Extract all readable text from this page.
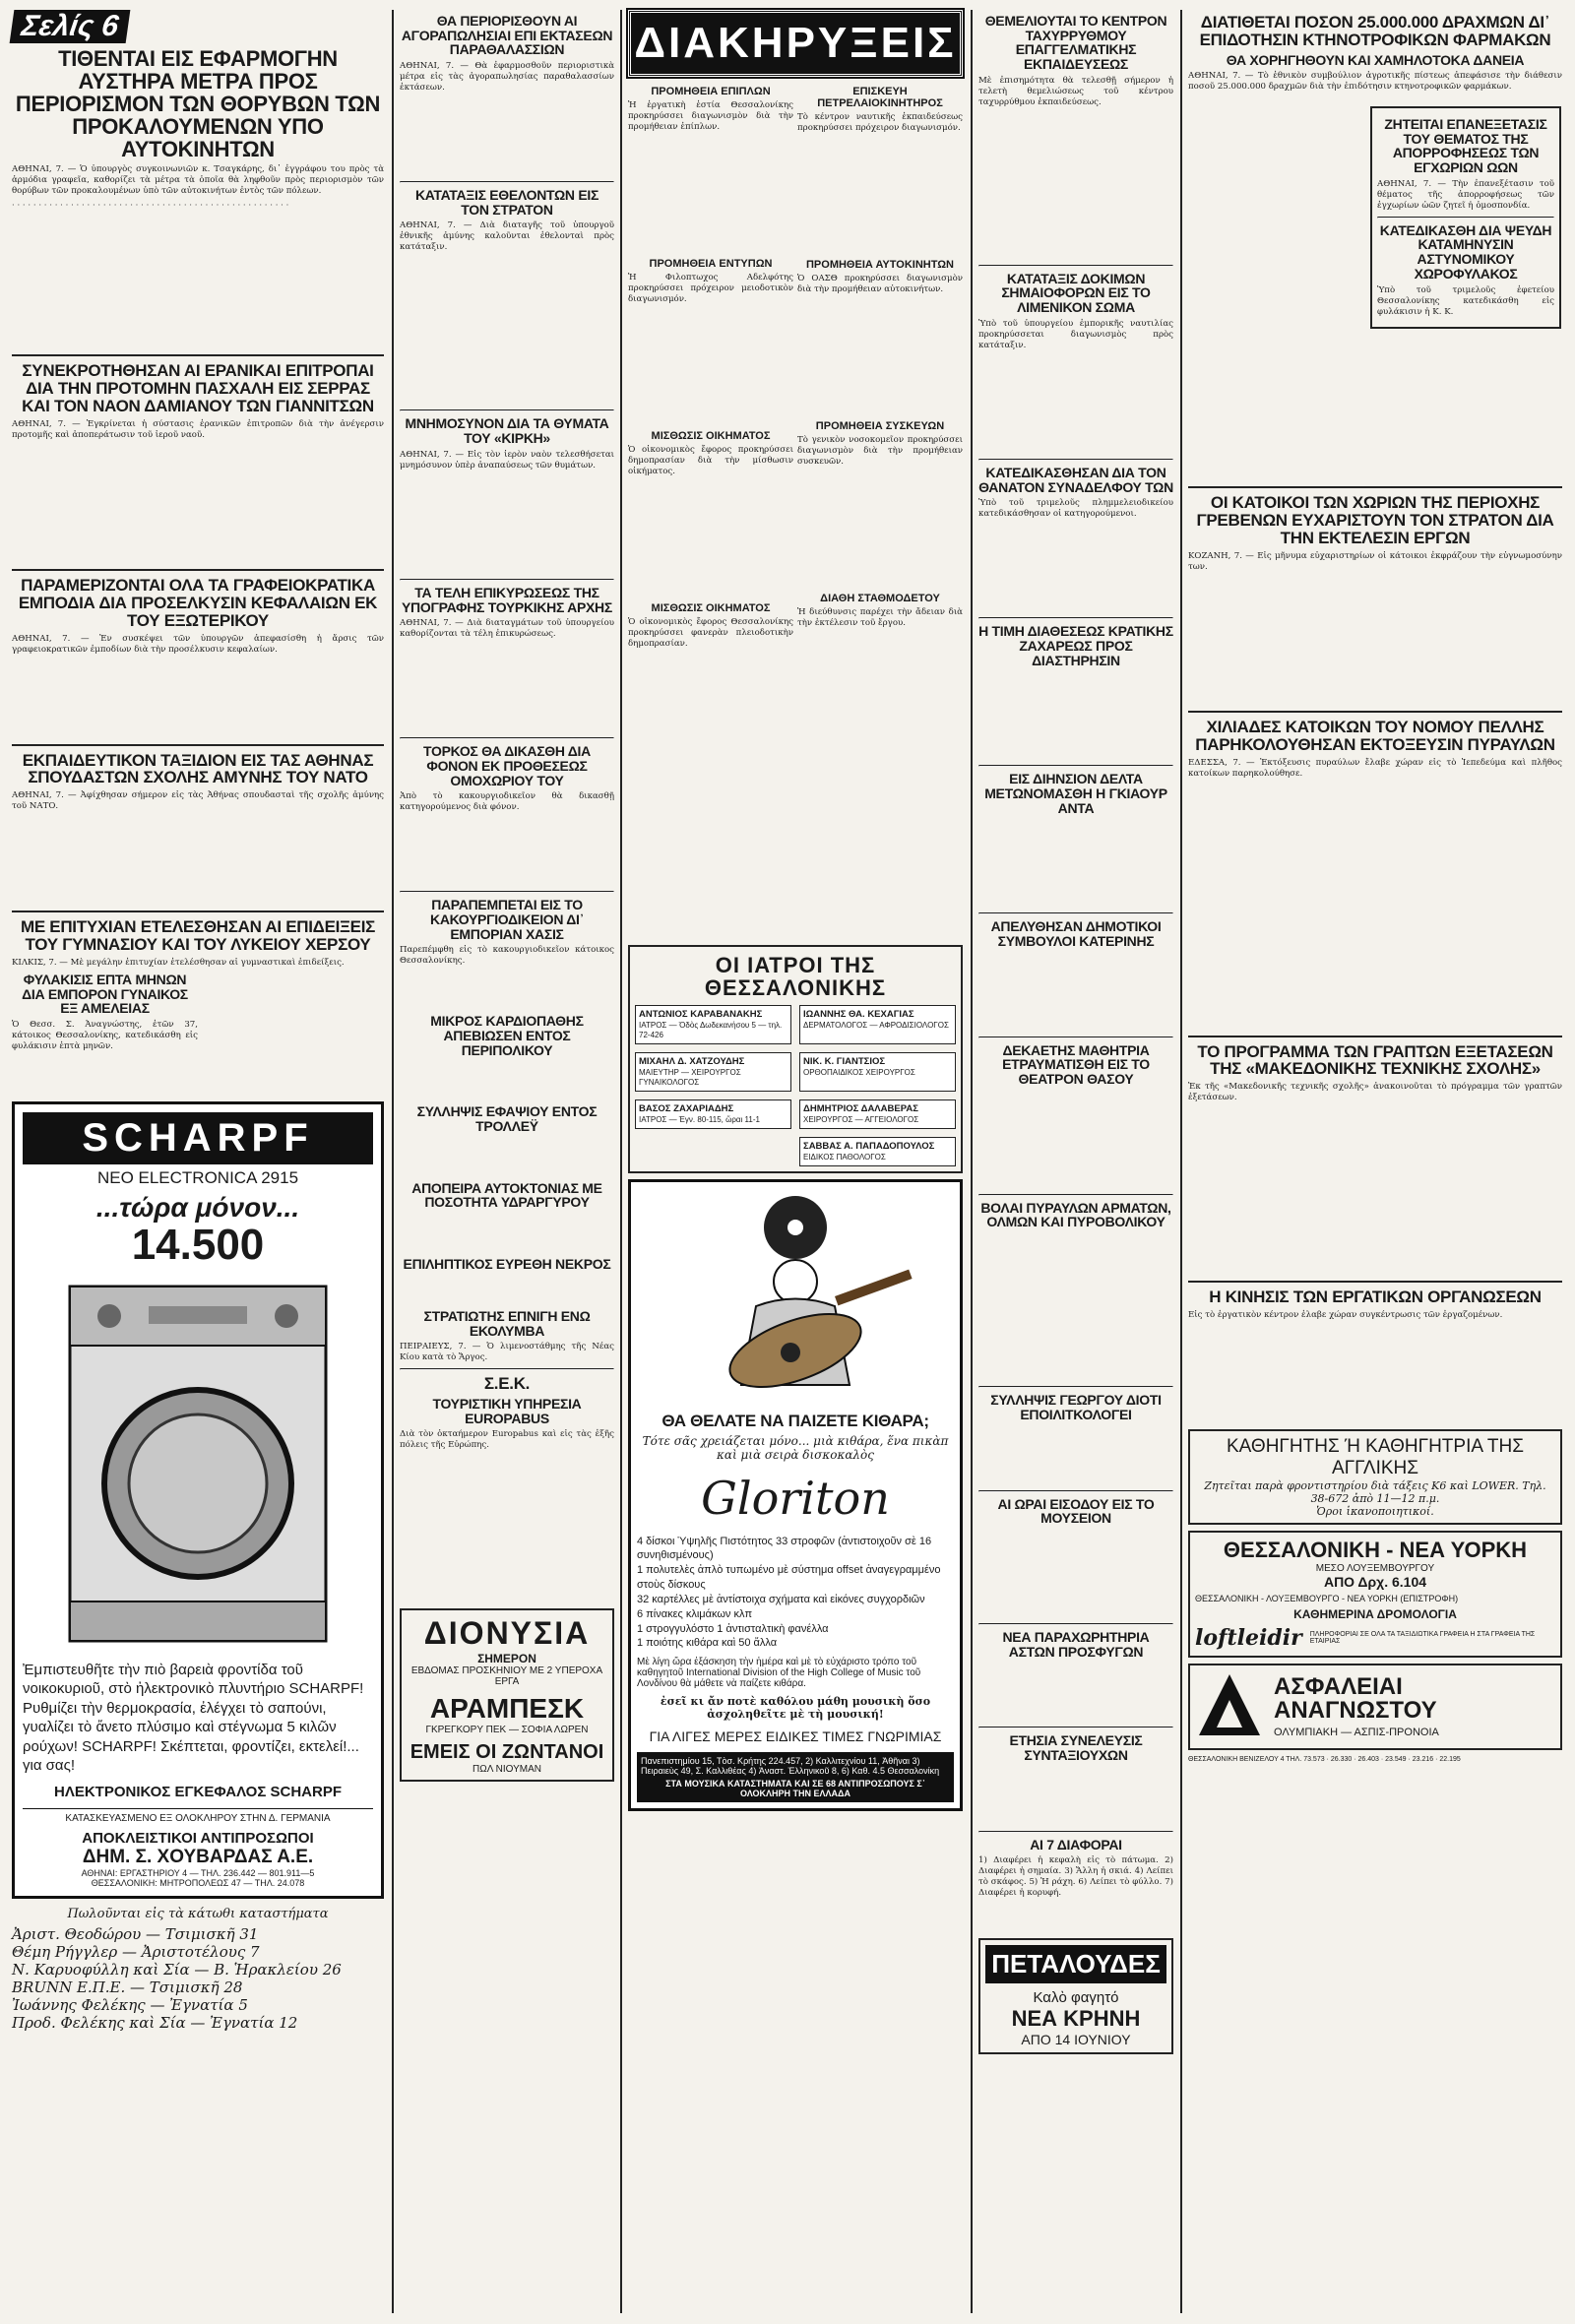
Σελίς 6
ΤΙΘΕΝΤΑΙ ΕΙΣ ΕΦΑΡΜΟΓΗΝ ΑΥΣΤΗΡΑ ΜΕΤΡΑ ΠΡΟΣ ΠΕΡΙΟΡΙΣΜΟΝ ΤΩΝ ΘΟΡΥΒΩΝ ΤΩΝ ΠΡΟΚΑΛΟΥΜΕΝΩΝ ΥΠΟ ΑΥΤΟΚΙΝΗΤΩΝ

ΑΘΗΝΑΙ, 7. — Ὁ ὑπουργὸς συγκοινωνιῶν κ. Τσαγκάρης, δι᾽ ἐγγράφου του πρὸς τὰ ἁρμόδια γραφεῖα, καθορίζει τὰ μέτρα τὰ ὁποῖα θὰ ληφθοῦν πρὸς περιορισμὸν τῶν θορύβων τῶν προκαλουμένων ὑπὸ τῶν αὐτοκινήτων ἐντὸς τῶν πόλεων.

· · · · · · · · · · · · · · · · · · · · · · · · · · · · · · · · · · · · · · · · · · · · · · · · · · · ·

ΣΥΝΕΚΡΟΤΗΘΗΣΑΝ ΑΙ ΕΡΑΝΙΚΑΙ ΕΠΙΤΡΟΠΑΙ ΔΙΑ ΤΗΝ ΠΡΟΤΟΜΗΝ ΠΑΣΧΑΛΗ ΕΙΣ ΣΕΡΡΑΣ ΚΑΙ ΤΟΝ ΝΑΟΝ ΔΑΜΙΑΝΟΥ ΤΩΝ ΓΙΑΝΝΙΤΣΩΝ

ΑΘΗΝΑΙ, 7. — Ἐγκρίνεται ἡ σύστασις ἐρανικῶν ἐπιτροπῶν διὰ τὴν ἀνέγερσιν προτομῆς καὶ ἀποπεράτωσιν τοῦ ἱεροῦ ναοῦ.

ΠΑΡΑΜΕΡΙΖΟΝΤΑΙ ΟΛΑ ΤΑ ΓΡΑΦΕΙΟΚΡΑΤΙΚΑ ΕΜΠΟΔΙΑ ΔΙΑ ΠΡΟΣΕΛΚΥΣΙΝ ΚΕΦΑΛΑΙΩΝ ΕΚ ΤΟΥ ΕΞΩΤΕΡΙΚΟΥ

ΑΘΗΝΑΙ, 7. — Ἐν συσκέψει τῶν ὑπουργῶν ἀπεφασίσθη ἡ ἄρσις τῶν γραφειοκρατικῶν ἐμποδίων διὰ τὴν προσέλκυσιν κεφαλαίων.

ΕΚΠΑΙΔΕΥΤΙΚΟΝ ΤΑΞΙΔΙΟΝ ΕΙΣ ΤΑΣ ΑΘΗΝΑΣ ΣΠΟΥΔΑΣΤΩΝ ΣΧΟΛΗΣ ΑΜΥΝΗΣ ΤΟΥ ΝΑΤΟ

ΑΘΗΝΑΙ, 7. — Ἀφίχθησαν σήμερον εἰς τὰς Ἀθήνας σπουδασταὶ τῆς σχολῆς ἀμύνης τοῦ ΝΑΤΟ.

ΜΕ ΕΠΙΤΥΧΙΑΝ ΕΤΕΛΕΣΘΗΣΑΝ ΑΙ ΕΠΙΔΕΙΞΕΙΣ ΤΟΥ ΓΥΜΝΑΣΙΟΥ ΚΑΙ ΤΟΥ ΛΥΚΕΙΟΥ ΧΕΡΣΟΥ

ΚΙΛΚΙΣ, 7. — Μὲ μεγάλην ἐπιτυχίαν ἐτελέσθησαν αἱ γυμναστικαὶ ἐπιδείξεις.

ΦΥΛΑΚΙΣΙΣ ΕΠΤΑ ΜΗΝΩΝ ΔΙΑ ΕΜΠΟΡΟΝ ΓΥΝΑΙΚΟΣ ΕΞ ΑΜΕΛΕΙΑΣ

Ὁ Θεσσ. Σ. Ἀναγνώστης, ἐτῶν 37, κάτοικος Θεσσαλονίκης, κατεδικάσθη εἰς φυλάκισιν ἑπτὰ μηνῶν.

SCHARPF
NEO ELECTRONICA 2915
...τώρα μόνον...
14.500

Ἐμπιστευθῆτε τὴν πιὸ βαρειὰ φροντίδα τοῦ νοικοκυριοῦ, στὸ ἠλεκτρονικὸ πλυντήριο SCHARPF! Ρυθμίζει τὴν θερμοκρασία, ἐλέγχει τὸ σαπούνι, γυαλίζει τὸ ἄνετο πλύσιμο καὶ στέγνωμα 5 κιλῶν ρούχων! SCHARPF! Σκέπτεται, φροντίζει, εκτελεί!... για σας!

ΗΛΕΚΤΡΟΝΙΚΟΣ ΕΓΚΕΦΑΛΟΣ SCHARPF
ΚΑΤΑΣΚΕΥΑΣΜΕΝΟ ΕΞ ΟΛΟΚΛΗΡΟΥ ΣΤΗΝ Δ. ΓΕΡΜΑΝΙΑ
ΑΠΟΚΛΕΙΣΤΙΚΟΙ ΑΝΤΙΠΡΟΣΩΠΟΙ
ΔΗΜ. Σ. ΧΟΥΒΑΡΔΑΣ Α.Ε.
ΑΘΗΝΑΙ: ΕΡΓΑΣΤΗΡΙΟΥ 4 — ΤΗΛ. 236.442 — 801.911—5
ΘΕΣΣΑΛΟΝΙΚΗ: ΜΗΤΡΟΠΟΛΕΩΣ 47 — ΤΗΛ. 24.078
Πωλοῦνται εἰς τὰ κάτωθι καταστήματα
Ἀριστ. Θεοδώρου — Τσιμισκῆ 31
Θέμη Ρήγγλερ — Ἀριστοτέλους 7
Ν. Καρυοφύλλη καὶ Σία — Β. Ἡρακλείου 26
BRUNN Ε.Π.Ε. — Τσιμισκῆ 28
Ἰωάννης Φελέκης — Ἐγνατία 5
Προδ. Φελέκης καὶ Σία — Ἐγνατία 12
ΘΑ ΠΕΡΙΟΡΙΣΘΟΥΝ ΑΙ ΑΓΟΡΑΠΩΛΗΣΙΑΙ ΕΠΙ ΕΚΤΑΣΕΩΝ ΠΑΡΑΘΑΛΑΣΣΙΩΝ

ΑΘΗΝΑΙ, 7. — Θὰ ἐφαρμοσθοῦν περιοριστικὰ μέτρα εἰς τὰς ἀγοραπωλησίας παραθαλασσίων ἐκτάσεων.

ΚΑΤΑΤΑΞΙΣ ΕΘΕΛΟΝΤΩΝ ΕΙΣ ΤΟΝ ΣΤΡΑΤΟΝ

ΑΘΗΝΑΙ, 7. — Διὰ διαταγῆς τοῦ ὑπουργοῦ ἐθνικῆς ἀμύνης καλοῦνται ἐθελονταὶ πρὸς κατάταξιν.

ΜΝΗΜΟΣΥΝΟΝ ΔΙΑ ΤΑ ΘΥΜΑΤΑ ΤΟΥ «ΚΙΡΚΗ»

ΑΘΗΝΑΙ, 7. — Εἰς τὸν ἱερὸν ναὸν τελεσθήσεται μνημόσυνον ὑπὲρ ἀναπαύσεως τῶν θυμάτων.

ΤΑ ΤΕΛΗ ΕΠΙΚΥΡΩΣΕΩΣ ΤΗΣ ΥΠΟΓΡΑΦΗΣ ΤΟΥΡΚΙΚΗΣ ΑΡΧΗΣ

ΑΘΗΝΑΙ, 7. — Διὰ διαταγμάτων τοῦ ὑπουργείου καθορίζονται τὰ τέλη ἐπικυρώσεως.

ΤΟΡΚΟΣ ΘΑ ΔΙΚΑΣΘΗ ΔΙΑ ΦΟΝΟΝ ΕΚ ΠΡΟΘΕΣΕΩΣ ΟΜΟΧΩΡΙΟΥ ΤΟΥ

Ἀπὸ τὸ κακουργιοδικεῖον θὰ δικασθῇ κατηγορούμενος διὰ φόνον.

ΠΑΡΑΠΕΜΠΕΤΑΙ ΕΙΣ ΤΟ ΚΑΚΟΥΡΓΙΟΔΙΚΕΙΟΝ ΔΙ᾽ ΕΜΠΟΡΙΑΝ ΧΑΣΙΣ

Παρεπέμφθη εἰς τὸ κακουργιοδικεῖον κάτοικος Θεσσαλονίκης.

ΜΙΚΡΟΣ ΚΑΡΔΙΟΠΑΘΗΣ ΑΠΕΒΙΩΣΕΝ ΕΝΤΟΣ ΠΕΡΙΠΟΛΙΚΟΥ
ΣΥΛΛΗΨΙΣ ΕΦΑΨΙΟΥ ΕΝΤΟΣ ΤΡΟΛΛΕΫ
ΑΠΟΠΕΙΡΑ ΑΥΤΟΚΤΟΝΙΑΣ ΜΕ ΠΟΣΟΤΗΤΑ ΥΔΡΑΡΓΥΡΟΥ
ΕΠΙΛΗΠΤΙΚΟΣ ΕΥΡΕΘΗ ΝΕΚΡΟΣ
ΣΤΡΑΤΙΩΤΗΣ ΕΠΝΙΓΗ ΕΝΩ ΕΚΟΛΥΜΒΑ

ΠΕΙΡΑΙΕΥΣ, 7. — Ὁ λιμενοστάθμης τῆς Νέας Κίου κατὰ τὸ Ἄργος.

Σ.Ε.Κ.
ΤΟΥΡΙΣΤΙΚΗ ΥΠΗΡΕΣΙΑ EUROPABUS

Διὰ τὸν ὀκταήμερον Europabus καὶ εἰς τὰς ἑξῆς πόλεις τῆς Εὐρώπης.

ΔΙΟΝΥΣΙΑ
ΣΗΜΕΡΟΝ
ΕΒΔΟΜΑΣ ΠΡΟΣΚΗΝΙΟΥ ΜΕ 2 ΥΠΕΡΟΧΑ ΕΡΓΑ
ΑΡΑΜΠΕΣΚ
ΓΚΡΕΓΚΟΡΥ ΠΕΚ — ΣΟΦΙΑ ΛΩΡΕΝ
ΕΜΕΙΣ ΟΙ ΖΩΝΤΑΝΟΙ
ΠΩΛ ΝΙΟΥΜΑΝ
ΔΙΑΚΗΡΥΞΕΙΣ
ΠΡΟΜΗΘΕΙΑ ΕΠΙΠΛΩΝ

Ἡ ἐργατικὴ ἑστία Θεσσαλονίκης προκηρύσσει διαγωνισμὸν διὰ τὴν προμήθειαν ἐπίπλων.

ΠΡΟΜΗΘΕΙΑ ΕΝΤΥΠΩΝ

Ἡ Φιλοπτωχος Αδελφότης προκηρύσσει πρόχειρον μειοδοτικὸν διαγωνισμόν.

ΜΙΣΘΩΣΙΣ ΟΙΚΗΜΑΤΟΣ

Ὁ οἰκονομικὸς ἔφορος προκηρύσσει δημοπρασίαν διὰ τὴν μίσθωσιν οἰκήματος.

ΜΙΣΘΩΣΙΣ ΟΙΚΗΜΑΤΟΣ

Ὁ οἰκονομικὸς ἔφορος Θεσσαλονίκης προκηρύσσει φανερὰν πλειοδοτικὴν δημοπρασίαν.

ΕΠΙΣΚΕΥΗ ΠΕΤΡΕΛΑΙΟΚΙΝΗΤΗΡΟΣ

Τὸ κέντρον ναυτικῆς ἐκπαιδεύσεως προκηρύσσει πρόχειρον διαγωνισμόν.

ΠΡΟΜΗΘΕΙΑ ΑΥΤΟΚΙΝΗΤΩΝ

Ὁ ΟΑΣΘ προκηρύσσει διαγωνισμὸν διὰ τὴν προμήθειαν αὐτοκινήτων.

ΠΡΟΜΗΘΕΙΑ ΣΥΣΚΕΥΩΝ

Τὸ γενικὸν νοσοκομεῖον προκηρύσσει διαγωνισμὸν διὰ τὴν προμήθειαν συσκευῶν.

ΔΙΑΘΗ ΣΤΑΘΜΟΔΕΤΟΥ

Ἡ διεύθυνσις παρέχει τὴν ἄδειαν διὰ τὴν ἐκτέλεσιν τοῦ ἔργου.

ΟΙ ΙΑΤΡΟΙ ΤΗΣ ΘΕΣΣΑΛΟΝΙΚΗΣ
ΑΝΤΩΝΙΟΣ ΚΑΡΑΒΑΝΑΚΗΣ
ΙΑΤΡΟΣ — Ὁδὸς Δωδεκανήσου 5 — τηλ. 72-426
ΙΩΑΝΝΗΣ ΘΑ. ΚΕΧΑΓΙΑΣ
ΔΕΡΜΑΤΟΛΟΓΟΣ — ΑΦΡΟΔΙΣΙΟΛΟΓΟΣ
ΜΙΧΑΗΛ Δ. ΧΑΤΖΟΥΔΗΣ
ΜΑΙΕΥΤΗΡ — ΧΕΙΡΟΥΡΓΟΣ ΓΥΝΑΙΚΟΛΟΓΟΣ
ΝΙΚ. Κ. ΓΙΑΝΤΣΙΟΣ
ΟΡΘΟΠΑΙΔΙΚΟΣ ΧΕΙΡΟΥΡΓΟΣ
ΒΑΣΟΣ ΖΑΧΑΡΙΑΔΗΣ
ΙΑΤΡΟΣ — Ἐγν. 80-115, ὥραι 11-1
ΔΗΜΗΤΡΙΟΣ ΔΑΛΑΒΕΡΑΣ
ΧΕΙΡΟΥΡΓΟΣ — ΑΓΓΕΙΟΛΟΓΟΣ
ΣΑΒΒΑΣ Α. ΠΑΠΑΔΟΠΟΥΛΟΣ
ΕΙΔΙΚΟΣ ΠΑΘΟΛΟΓΟΣ
ΘΑ ΘΕΛΑΤΕ ΝΑ ΠΑΙΖΕΤΕ ΚΙΘΑΡΑ;
Τότε σᾶς χρειάζεται μόνο... μιὰ κιθάρα, ἕνα πικὰπ καὶ μιὰ σειρὰ δισκοκαλὸς
Gloriton
4 δίσκοι Ὑψηλῆς Πιστότητος 33 στροφῶν (ἀντιστοιχοῦν σὲ 16 συνηθισμένους)
1 πολυτελὲς ἀπλὸ τυπωμένο μὲ σύστημα offset ἀναγεγραμμένο στοὺς δίσκους
32 καρτέλλες μὲ ἀντίστοιχα σχήματα καὶ εἰκόνες συγχορδιῶν
6 πίνακες κλιμάκων κλπ
1 στρογγυλόστο 1 ἀντισταλτικὴ φανέλλα
1 ποιότης κιθάρα καὶ 50 ἄλλα

Μὲ λίγη ὥρα ἐξάσκηση τὴν ἡμέρα καὶ μὲ τὸ εὐχάριστο τρόπο τοῦ καθηγητοῦ International Division of the High College of Music τοῦ Λονδίνου θὰ μάθετε νὰ παίζετε κιθάρα.

ἐσεῖ κι ἄν ποτὲ καθόλου μάθη μουσικὴ ὅσο ἀσχοληθεῖτε μὲ τὴ μουσική!
ΓΙΑ ΛΙΓΕΣ ΜΕΡΕΣ ΕΙΔΙΚΕΣ ΤΙΜΕΣ ΓΝΩΡΙΜΙΑΣ
Πανεπιστημίου 15, Τὸσ. Κρήτης 224.457, 2) Καλλιτεχνίου 11, Ἀθῆναι 3) Πειραιεὺς 49, Σ. Καλλιθέας 4) Ἀναστ. Ἑλληνικοῦ 8, 6) Καθ. 4.5 Θεσσαλονίκη
ΣΤΑ ΜΟΥΣΙΚΑ ΚΑΤΑΣΤΗΜΑΤΑ ΚΑΙ ΣΕ 68 ΑΝΤΙΠΡΟΣΩΠΟΥΣ Σ᾽ ΟΛΟΚΛΗΡΗ ΤΗΝ ΕΛΛΑΔΑ
ΘΕΜΕΛΙΟΥΤΑΙ ΤΟ ΚΕΝΤΡΟΝ ΤΑΧΥΡΡΥΘΜΟΥ ΕΠΑΓΓΕΛΜΑΤΙΚΗΣ ΕΚΠΑΙΔΕΥΣΕΩΣ

Μὲ ἐπισημότητα θὰ τελεσθῇ σήμερον ἡ τελετὴ θεμελιώσεως τοῦ κέντρου ταχυρρύθμου ἐκπαιδεύσεως.

ΚΑΤΑΤΑΞΙΣ ΔΟΚΙΜΩΝ ΣΗΜΑΙΟΦΟΡΩΝ ΕΙΣ ΤΟ ΛΙΜΕΝΙΚΟΝ ΣΩΜΑ

Ὑπὸ τοῦ ὑπουργείου ἐμπορικῆς ναυτιλίας προκηρύσσεται διαγωνισμὸς πρὸς κατάταξιν.

ΚΑΤΕΔΙΚΑΣΘΗΣΑΝ ΔΙΑ ΤΟΝ ΘΑΝΑΤΟΝ ΣΥΝΑΔΕΛΦΟΥ ΤΩΝ

Ὑπὸ τοῦ τριμελοῦς πλημμελειοδικείου κατεδικάσθησαν οἱ κατηγορούμενοι.

Η ΤΙΜΗ ΔΙΑΘΕΣΕΩΣ ΚΡΑΤΙΚΗΣ ΖΑΧΑΡΕΩΣ ΠΡΟΣ ΔΙΑΣΤΗΡΗΣΙΝ
ΕΙΣ ΔΙΗΝΣΙΟΝ ΔΕΛΤΑ ΜΕΤΩΝΟΜΑΣΘΗ Η ΓΚΙΑΟΥΡ ΑΝΤΑ
ΑΠΕΛΥΘΗΣΑΝ ΔΗΜΟΤΙΚΟΙ ΣΥΜΒΟΥΛΟΙ ΚΑΤΕΡΙΝΗΣ
ΔΕΚΑΕΤΗΣ ΜΑΘΗΤΡΙΑ ΕΤΡΑΥΜΑΤΙΣΘΗ ΕΙΣ ΤΟ ΘΕΑΤΡΟΝ ΘΑΣΟΥ
ΒΟΛΑΙ ΠΥΡΑΥΛΩΝ ΑΡΜΑΤΩΝ, ΟΛΜΩΝ ΚΑΙ ΠΥΡΟΒΟΛΙΚΟΥ
ΣΥΛΛΗΨΙΣ ΓΕΩΡΓΟΥ ΔΙΟΤΙ ΕΠΟΙΛΙΤΚΟΛΟΓΕΙ
ΑΙ ΩΡΑΙ ΕΙΣΟΔΟΥ ΕΙΣ ΤΟ ΜΟΥΣΕΙΟΝ
ΝΕΑ ΠΑΡΑΧΩΡΗΤΗΡΙΑ ΑΣΤΩΝ ΠΡΟΣΦΥΓΩΝ
ΕΤΗΣΙΑ ΣΥΝΕΛΕΥΣΙΣ ΣΥΝΤΑΞΙΟΥΧΩΝ
ΑΙ 7 ΔΙΑΦΟΡΑΙ

1) Διαφέρει ἡ κεφαλὴ εἰς τὸ πάτωμα. 2) Διαφέρει ἡ σημαία. 3) Ἄλλη ἡ σκιά. 4) Λείπει τὸ σκάφος. 5) Ἡ ράχη. 6) Λείπει τὸ φύλλο. 7) Διαφέρει ἡ κορυφή.

ΠΕΤΑΛΟΥΔΕΣ
Καλὸ φαγητό
ΝΕΑ ΚΡΗΝΗ
ΑΠΟ 14 ΙΟΥΝΙΟΥ
ΔΙΑΤΙΘΕΤΑΙ ΠΟΣΟΝ 25.000.000 ΔΡΑΧΜΩΝ ΔΙ᾽ ΕΠΙΔΟΤΗΣΙΝ ΚΤΗΝΟΤΡΟΦΙΚΩΝ ΦΑΡΜΑΚΩΝ
ΘΑ ΧΟΡΗΓΗΘΟΥΝ ΚΑΙ ΧΑΜΗΛΟΤΟΚΑ ΔΑΝΕΙΑ

ΑΘΗΝΑΙ, 7. — Τὸ ἐθνικὸν συμβούλιον ἀγροτικῆς πίστεως ἀπεφάσισε τὴν διάθεσιν ποσοῦ 25.000.000 δραχμῶν διὰ τὴν ἐπιδότησιν κτηνοτροφικῶν φαρμάκων.

ΖΗΤΕΙΤΑΙ ΕΠΑΝΕΞΕΤΑΣΙΣ ΤΟΥ ΘΕΜΑΤΟΣ ΤΗΣ ΑΠΟΡΡΟΦΗΣΕΩΣ ΤΩΝ ΕΓΧΩΡΙΩΝ ΩΩΝ

ΑΘΗΝΑΙ, 7. — Τὴν ἐπανεξέτασιν τοῦ θέματος τῆς ἀπορροφήσεως τῶν ἐγχωρίων ὠῶν ζητεῖ ἡ ὁμοσπονδία.

ΚΑΤΕΔΙΚΑΣΘΗ ΔΙΑ ΨΕΥΔΗ ΚΑΤΑΜΗΝΥΣΙΝ ΑΣΤΥΝΟΜΙΚΟΥ ΧΩΡΟΦΥΛΑΚΟΣ

Ὑπὸ τοῦ τριμελοῦς ἐφετείου Θεσσαλονίκης κατεδικάσθη εἰς φυλάκισιν ἡ Κ. Κ.

ΟΙ ΚΑΤΟΙΚΟΙ ΤΩΝ ΧΩΡΙΩΝ ΤΗΣ ΠΕΡΙΟΧΗΣ ΓΡΕΒΕΝΩΝ ΕΥΧΑΡΙΣΤΟΥΝ ΤΟΝ ΣΤΡΑΤΟΝ ΔΙΑ ΤΗΝ ΕΚΤΕΛΕΣΙΝ ΕΡΓΩΝ

ΚΟΖΑΝΗ, 7. — Εἰς μῆνυμα εὐχαριστηρίων οἱ κάτοικοι ἐκφράζουν τὴν εὐγνωμοσύνην των.

ΧΙΛΙΑΔΕΣ ΚΑΤΟΙΚΩΝ ΤΟΥ ΝΟΜΟΥ ΠΕΛΛΗΣ ΠΑΡΗΚΟΛΟΥΘΗΣΑΝ ΕΚΤΟΞΕΥΣΙΝ ΠΥΡΑΥΛΩΝ

ΕΔΕΣΣΑ, 7. — Ἐκτόξευσις πυραύλων ἔλαβε χώραν εἰς τὸ Ἱεπεδεύμα καὶ πλῆθος κατοίκων παρηκολούθησε.

ΤΟ ΠΡΟΓΡΑΜΜΑ ΤΩΝ ΓΡΑΠΤΩΝ ΕΞΕΤΑΣΕΩΝ ΤΗΣ «ΜΑΚΕΔΟΝΙΚΗΣ ΤΕΧΝΙΚΗΣ ΣΧΟΛΗΣ»

Ἐκ τῆς «Μακεδονικῆς τεχνικῆς σχολῆς» ἀνακοινοῦται τὸ πρόγραμμα τῶν γραπτῶν ἐξετάσεων.

Η ΚΙΝΗΣΙΣ ΤΩΝ ΕΡΓΑΤΙΚΩΝ ΟΡΓΑΝΩΣΕΩΝ

Εἰς τὸ ἐργατικὸν κέντρον ἐλαβε χώραν συγκέντρωσις τῶν ἐργαζομένων.

ΚΑΘΗΓΗΤΗΣ Ή ΚΑΘΗΓΗΤΡΙΑ ΤΗΣ ΑΓΓΛΙΚΗΣ
Ζητεῖται παρὰ φροντιστηρίου διὰ τάξεις Κ6 καὶ LOWER. Τηλ. 38-672 ἀπὸ 11—12 π.μ.
Ὁροι ἱκανοποιητικοί.
ΘΕΣΣΑΛΟΝΙΚΗ - ΝΕΑ ΥΟΡΚΗ
ΜΕΣΟ ΛΟΥΞΕΜΒΟΥΡΓΟΥ
ΑΠΟ Δρχ. 6.104
ΘΕΣΣΑΛΟΝΙΚΗ - ΛΟΥΞΕΜΒΟΥΡΓΟ - ΝΕΑ ΥΟΡΚΗ (ΕΠΙΣΤΡΟΦΗ)
ΚΑΘΗΜΕΡΙΝΑ ΔΡΟΜΟΛΟΓΙΑ
loftleidir ΠΛΗΡΟΦΟΡΙΑΙ ΣΕ ΟΛΑ ΤΑ ΤΑΞΙΔΙΩΤΙΚΑ ΓΡΑΦΕΙΑ Η ΣΤΑ ΓΡΑΦΕΙΑ ΤΗΣ ΕΤΑΙΡΙΑΣ
ΑΣΦΑΛΕΙΑΙ ΑΝΑΓΝΩΣΤΟΥ
ΟΛΥΜΠΙΑΚΗ — ΑΣΠΙΣ-ΠΡΟΝΟΙΑ
ΘΕΣΣΑΛΟΝΙΚΗ ΒΕΝΙΖΕΛΟΥ 4 ΤΗΛ. 73.573 · 26.330 · 26.403 · 23.549 · 23.216 · 22.195
